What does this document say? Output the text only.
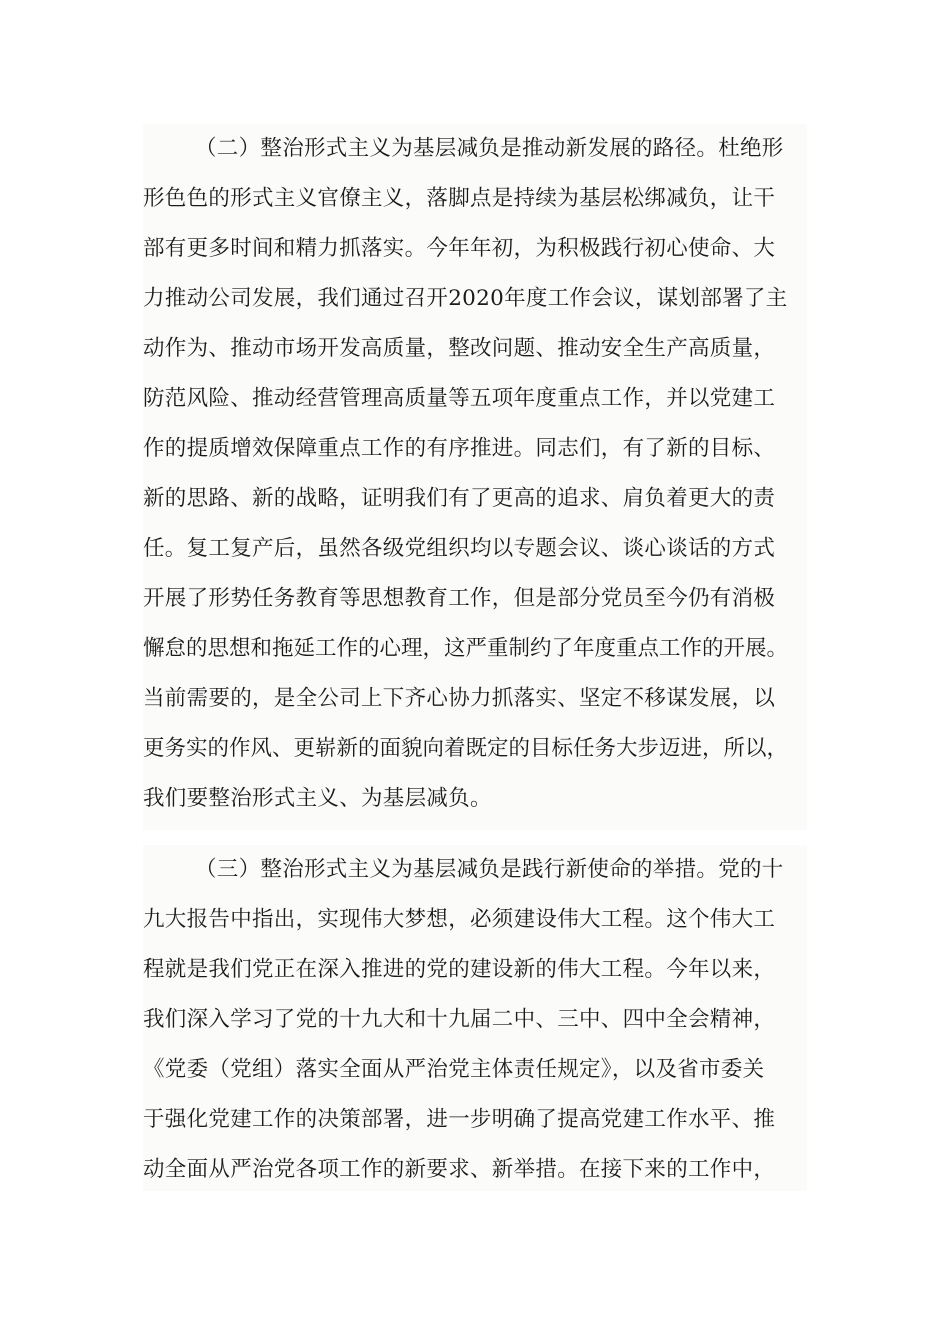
（二）整治形式主义为基层减负是推动新发展的路径。杜绝形
形色色的形式主义官僚主义，落脚点是持续为基层松绑减负，让干
部有更多时间和精力抓落实。今年年初，为积极践行初心使命、大
力推动公司发展，我们通过召开2020年度工作会议，谋划部署了主
动作为、推动市场开发高质量，整改问题、推动安全生产高质量，
防范风险、推动经营管理高质量等五项年度重点工作，并以党建工
作的提质增效保障重点工作的有序推进。同志们，有了新的目标、
新的思路、新的战略，证明我们有了更高的追求、肩负着更大的责
任。复工复产后，虽然各级党组织均以专题会议、谈心谈话的方式
开展了形势任务教育等思想教育工作，但是部分党员至今仍有消极
懈怠的思想和拖延工作的心理，这严重制约了年度重点工作的开展。
当前需要的，是全公司上下齐心协力抓落实、坚定不移谋发展，以
更务实的作风、更崭新的面貌向着既定的目标任务大步迈进，所以，
我们要整治形式主义、为基层减负。
（三）整治形式主义为基层减负是践行新使命的举措。党的十
九大报告中指出，实现伟大梦想，必须建设伟大工程。这个伟大工
程就是我们党正在深入推进的党的建设新的伟大工程。今年以来，
我们深入学习了党的十九大和十九届二中、三中、四中全会精神，
《党委（党组）落实全面从严治党主体责任规定》，以及省市委关
于强化党建工作的决策部署，进一步明确了提高党建工作水平、推
动全面从严治党各项工作的新要求、新举措。在接下来的工作中，
